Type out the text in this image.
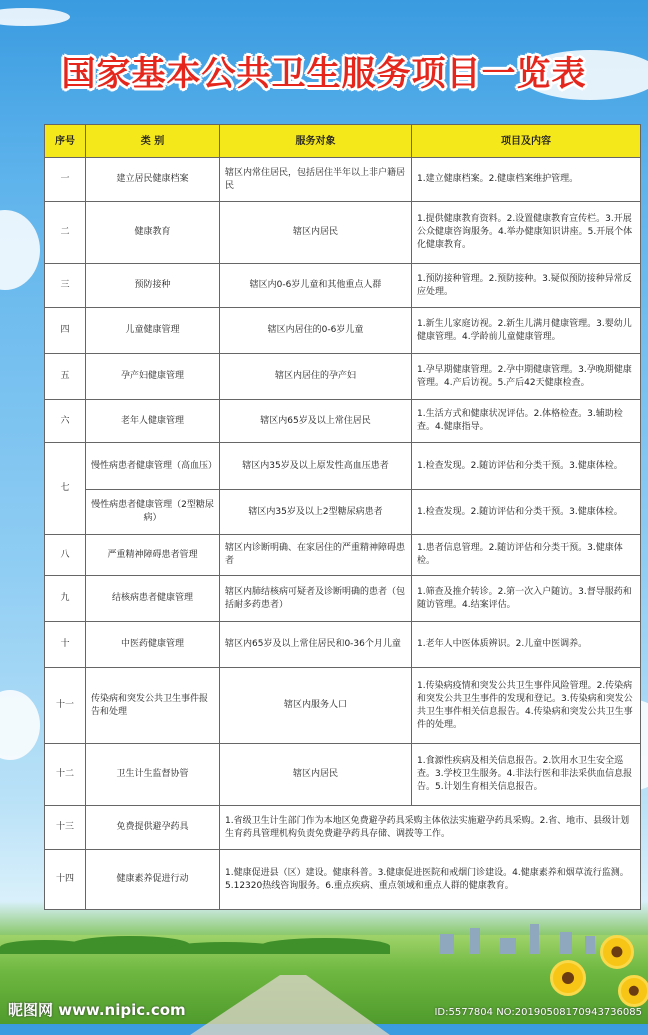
国家基本公共卫生服务项目一览表
序号	类 别	服务对象	项目及内容
一	建立居民健康档案	辖区内常住居民，包括居住半年以上非户籍居民	1.建立健康档案。2.健康档案维护管理。
二	健康教育	辖区内居民	1.提供健康教育资料。2.设置健康教育宣传栏。3.开展公众健康咨询服务。4.举办健康知识讲座。5.开展个体化健康教育。
三	预防接种	辖区内0-6岁儿童和其他重点人群	1.预防接种管理。2.预防接种。3.疑似预防接种异常反应处理。
四	儿童健康管理	辖区内居住的0-6岁儿童	1.新生儿家庭访视。2.新生儿满月健康管理。3.婴幼儿健康管理。4.学龄前儿童健康管理。
五	孕产妇健康管理	辖区内居住的孕产妇	1.孕早期健康管理。2.孕中期健康管理。3.孕晚期健康管理。4.产后访视。5.产后42天健康检查。
六	老年人健康管理	辖区内65岁及以上常住居民	1.生活方式和健康状况评估。2.体格检查。3.辅助检查。4.健康指导。
七	慢性病患者健康管理（高血压）	辖区内35岁及以上原发性高血压患者	1.检查发现。2.随访评估和分类干预。3.健康体检。
	慢性病患者健康管理（2型糖尿病）	辖区内35岁及以上2型糖尿病患者	1.检查发现。2.随访评估和分类干预。3.健康体检。
八	严重精神障碍患者管理	辖区内诊断明确、在家居住的严重精神障碍患者	1.患者信息管理。2.随访评估和分类干预。3.健康体检。
九	结核病患者健康管理	辖区内肺结核病可疑者及诊断明确的患者（包括耐多药患者）	1.筛查及推介转诊。2.第一次入户随访。3.督导服药和随访管理。4.结案评估。
十	中医药健康管理	辖区内65岁及以上常住居民和0-36个月儿童	1.老年人中医体质辨识。2.儿童中医调养。
十一	传染病和突发公共卫生事件报告和处理	辖区内服务人口	1.传染病疫情和突发公共卫生事件风险管理。2.传染病和突发公共卫生事件的发现和登记。3.传染病和突发公共卫生事件相关信息报告。4.传染病和突发公共卫生事件的处理。
十二	卫生计生监督协管	辖区内居民	1.食源性疾病及相关信息报告。2.饮用水卫生安全巡查。3.学校卫生服务。4.非法行医和非法采供血信息报告。5.计划生育相关信息报告。
十三	免费提供避孕药具	1.省级卫生计生部门作为本地区免费避孕药具采购主体依法实施避孕药具采购。2.省、地市、县级计划生育药具管理机构负责免费避孕药具存储、调拨等工作。	
十四	健康素养促进行动	1.健康促进县（区）建设。健康科普。3.健康促进医院和戒烟门诊建设。4.健康素养和烟草流行监测。5.12320热线咨询服务。6.重点疾病、重点领域和重点人群的健康教育。	
昵图网 www.nipic.com	ID:5577804 NO:20190508170943736085
